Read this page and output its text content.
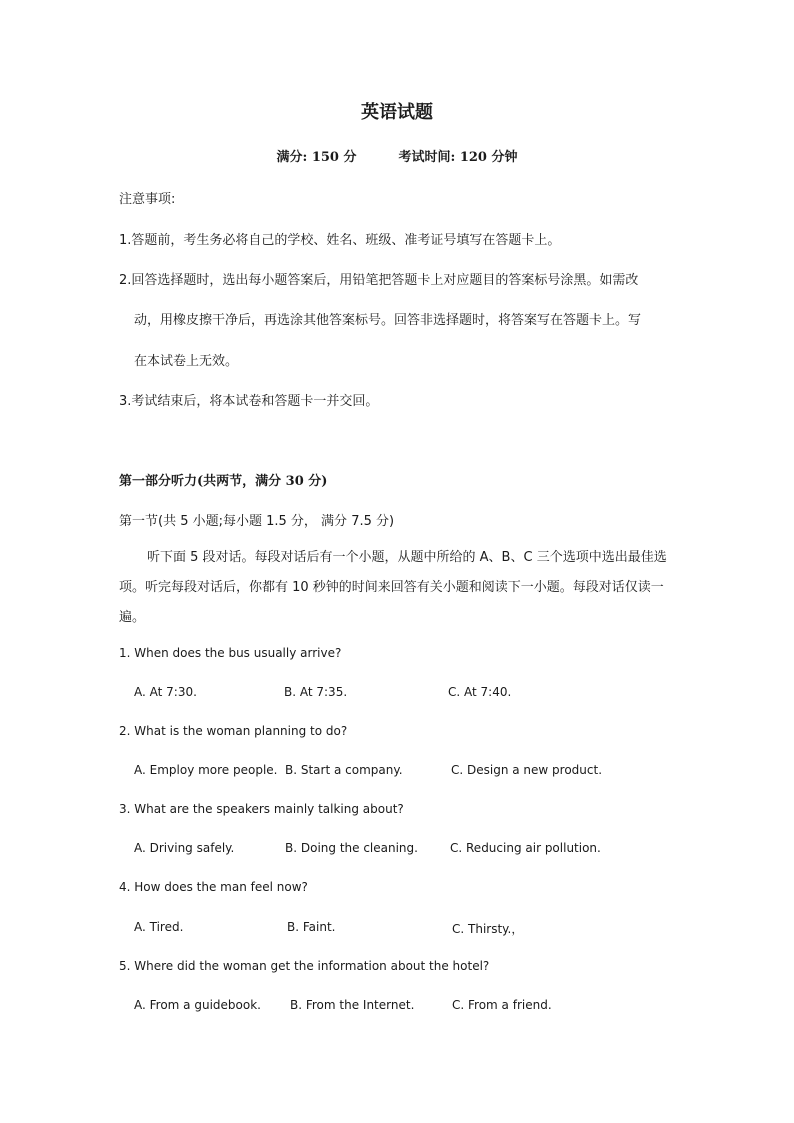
英语试题
满分: 150 分	考试时间: 120 分钟
注意事项:
1.答题前，考生务必将自己的学校、姓名、班级、准考证号填写在答题卡上。
2.回答选择题时，选出每小题答案后，用铅笔把答题卡上对应题目的答案标号涂黑。如需改
动，用橡皮擦干净后，再选涂其他答案标号。回答非选择题时，将答案写在答题卡上。写
在本试卷上无效。
3.考试结束后，将本试卷和答题卡一并交回。
第一部分听力(共两节，满分 30 分)
第一节(共 5 小题;每小题 1.5 分， 满分 7.5 分)
听下面 5 段对话。每段对话后有一个小题，从题中所给的 A、B、C 三个选项中选出最佳选项。听完每段对话后，你都有 10 秒钟的时间来回答有关小题和阅读下一小题。每段对话仅读一遍。
1. When does the bus usually arrive?
A. At 7:30.	B. At 7:35.	C. At 7:40.
2. What is the woman planning to do?
A. Employ more people. B. Start a company.	C. Design a new product.
3. What are the speakers mainly talking about?
A. Driving safely.	B. Doing the cleaning.	C. Reducing air pollution.
4. How does the man feel now?
A. Tired.	B. Faint.	C. Thirsty.，
5. Where did the woman get the information about the hotel?
A. From a guidebook. B. From the Internet.	C. From a friend.
